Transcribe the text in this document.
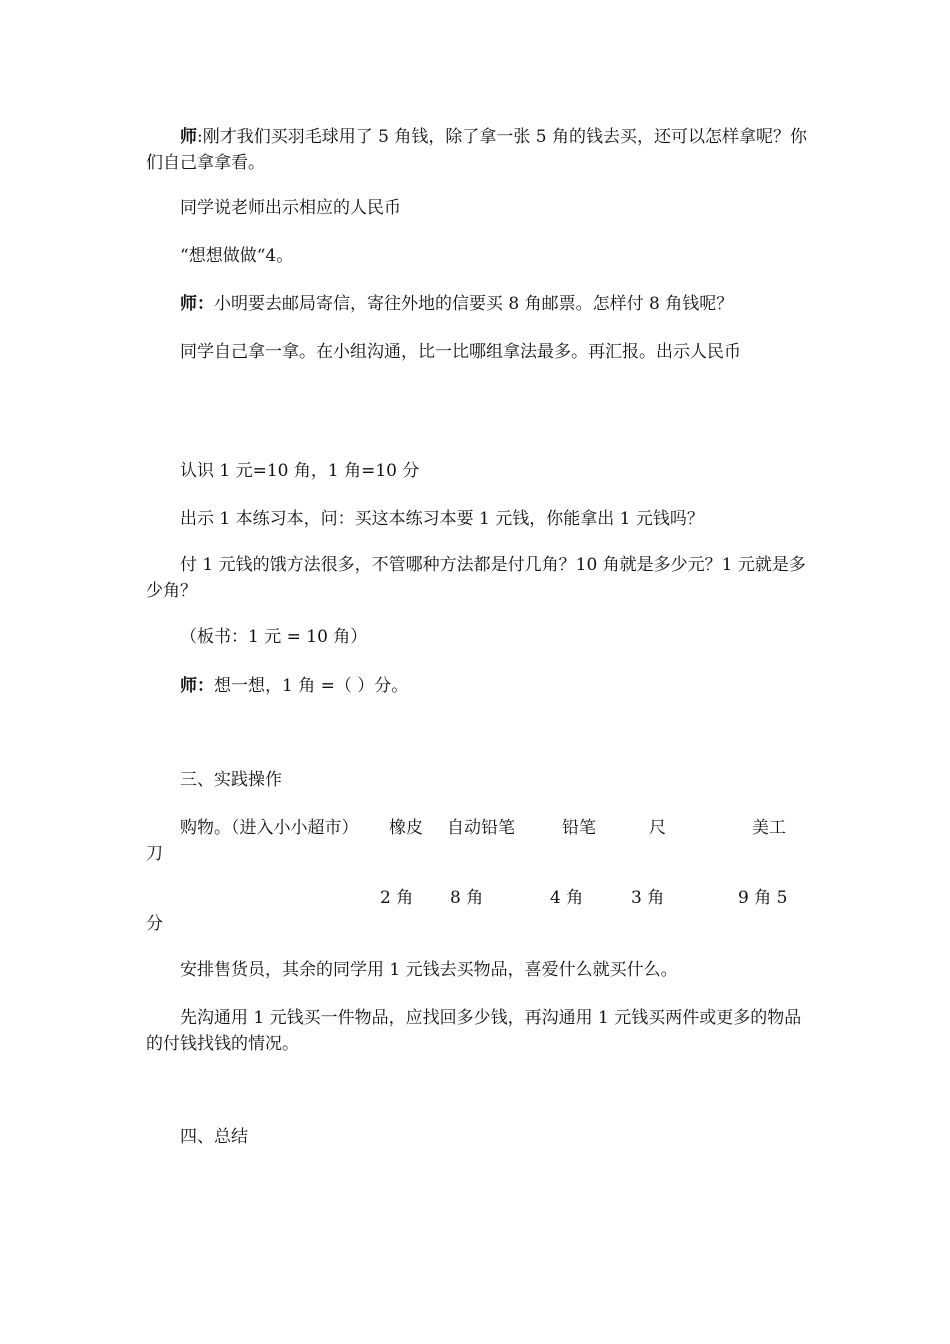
师:刚才我们买羽毛球用了 5 角钱，除了拿一张 5 角的钱去买，还可以怎样拿呢？你们自己拿拿看。

同学说老师出示相应的人民币

“想想做做“4。

师：小明要去邮局寄信，寄往外地的信要买 8 角邮票。怎样付 8 角钱呢？

同学自己拿一拿。在小组沟通，比一比哪组拿法最多。再汇报。出示人民币

认识 1 元=10 角，1 角=10 分

出示 1 本练习本，问：买这本练习本要 1 元钱，你能拿出 1 元钱吗？

付 1 元钱的饿方法很多，不管哪种方法都是付几角？10 角就是多少元？1 元就是多少角？

（板书：1 元 = 10 角）

师：想一想，1 角 =（ ）分。

三、实践操作

购物。（进入小小超市） 橡皮 自动铅笔	铅笔	尺	美工
刀
2 角 8 角	4 角	3 角	9 角 5
分

安排售货员，其余的同学用 1 元钱去买物品，喜爱什么就买什么。

先沟通用 1 元钱买一件物品，应找回多少钱，再沟通用 1 元钱买两件或更多的物品的付钱找钱的情况。

四、总结
